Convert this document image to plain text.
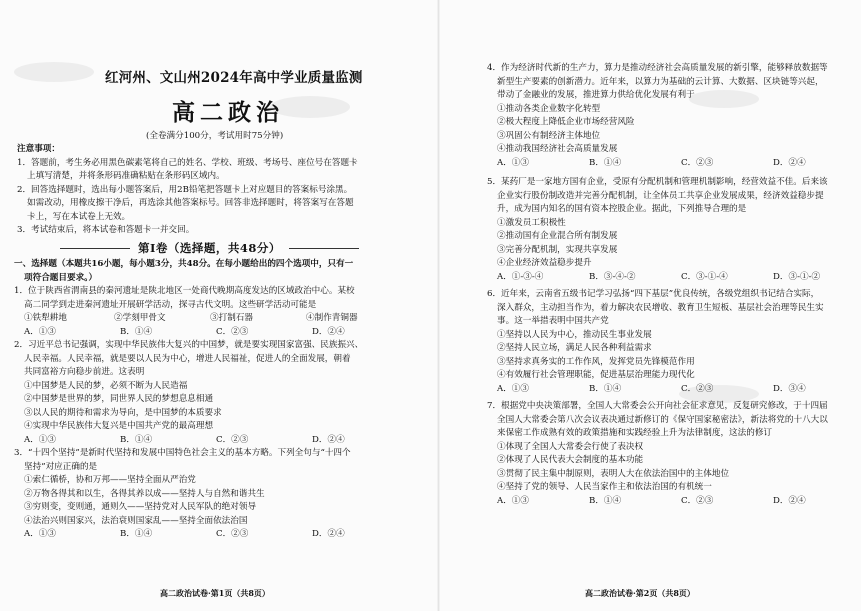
红河州、文山州2024年高中学业质量监测
高二政治
(全卷满分100分，考试用时75分钟)

注意事项：

1．答题前，考生务必用黑色碳素笔将自己的姓名、学校、班级、考场号、座位号在答题卡

上填写清楚，并将条形码准确粘贴在条形码区域内。

2．回答选择题时，选出每小题答案后，用2B铅笔把答题卡上对应题目的答案标号涂黑。

如需改动，用橡皮擦干净后，再选涂其他答案标号。回答非选择题时，将答案写在答题

卡上，写在本试卷上无效。

3．考试结束后，将本试卷和答题卡一并交回。

第Ⅰ卷（选择题，共48分）

一、选择题（本题共16小题，每小题3分，共48分。在每小题给出的四个选项中，只有一

项符合题目要求。）

1．位于陕西省渭南县的秦河遗址是陕北地区一处商代晚期高度发达的区域政治中心。某校

高二同学到走进秦河遗址开展研学活动，探寻古代文明。这些研学活动可能是

①铁犁耕地	②学刻甲骨文	③打制石器	④制作青铜器

A．①③	B．①④	C．②③	D．②④

2．习近平总书记强调，实现中华民族伟大复兴的中国梦，就是要实现国家富强、民族振兴、

人民幸福。人民幸福，就是要以人民为中心，增进人民福祉，促进人的全面发展，朝着

共同富裕方向稳步前进。这表明

①中国梦是人民的梦，必须不断为人民造福

②中国梦是世界的梦，同世界人民的梦想息息相通

③以人民的期待和需求为导向，是中国梦的本质要求

④实现中华民族伟大复兴是中国共产党的最高理想

A．①③	B．①④	C．②③	D．②④

3．“十四个坚持”是新时代坚持和发展中国特色社会主义的基本方略。下列全句与“十四个

坚持”对应正确的是

①索仁循桥，协和万邦——坚持全面从严治党

②万物各得其和以生，各得其养以成——坚持人与自然和谐共生

③穷则变，变则通，通则久——坚持党对人民军队的绝对领导

④法治兴则国家兴，法治衰则国家乱——坚持全面依法治国

A．①③	B．①④	C．②③	D．②④

高二政治试卷·第1页（共8页）

4．作为经济时代新的生产力，算力是推动经济社会高质量发展的新引擎，能够释放数据等

新型生产要素的创新潜力。近年来，以算力为基础的云计算、大数据、区块链等兴起，

带动了金融业的发展，推进算力供给优化发展有利于

①推动各类企业数字化转型

②极大程度上降低企业市场经营风险

③巩固公有制经济主体地位

④推动我国经济社会高质量发展

A．①③	B．①④	C．②③	D．②④

5．某药厂是一家地方国有企业，受原有分配机制和管理机制影响，经营效益不佳。后来该

企业实行股份制改造并完善分配机制，让全体员工共享企业发展成果，经济效益稳步提

升，成为国内知名的国有资本控股企业。据此，下列推导合理的是

①激发员工积极性

②推动国有企业混合所有制发展

③完善分配机制，实现共享发展

④企业经济效益稳步提升

A．①-③-④	B．③-④-②	C．③-①-④	D．③-①-②

6．近年来，云南省五级书记学习弘扬“四下基层”优良传统，各级党组织书记结合实际，

深入群众，主动担当作为，着力解决农民增收、教育卫生短板、基层社会治理等民生实

事。这一举措表明中国共产党

①坚持以人民为中心，推动民生事业发展

②坚持人民立场，满足人民各种利益需求

③坚持求真务实的工作作风，发挥党员先锋模范作用

④有效履行社会管理职能，促进基层治理能力现代化

A．①③	B．①④	C．②③	D．③④

7．根据党中央决策部署，全国人大常委会公开向社会征求意见，反复研究修改，于十四届

全国人大常委会第八次会议表决通过新修订的《保守国家秘密法》，新法将党的十八大以

来保密工作成熟有效的政策措施和实践经验上升为法律制度，这法的修订

①体现了全国人大常委会行使了表决权

②体现了人民代表大会制度的基本功能

③贯彻了民主集中制原则，表明人大在依法治国中的主体地位

④坚持了党的领导、人民当家作主和依法治国的有机统一

A．①③	B．①④	C．②③	D．②④

高二政治试卷·第2页（共8页）
